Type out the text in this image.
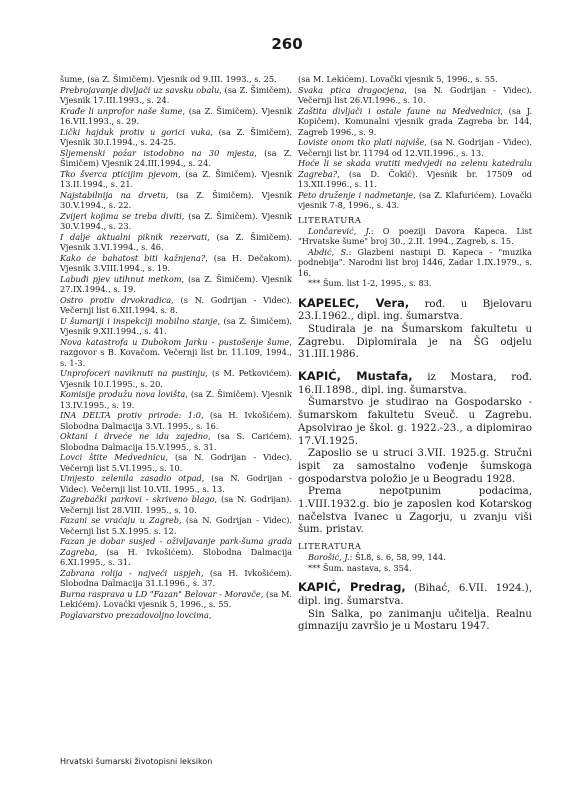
260

šume, (sa Z. Šimičem). Vjesnik od 9.III. 1993., s. 25.

Prebrojavanje divljači uz savsku obalu, (sa Z. Šimičem). Vjesnik 17.III.1993., s. 24.

Krađe li unprofor naše šume, (sa Z. Šimičem). Vjesnik 16.VII.1993., s. 29.

Lički hajduk protiv u gorici vuka, (sa Z. Šimičem). Vjesnik 30.I.1994., s. 24-25.

Sljemenski požar istodobno na 30 mjesta, (sa Z. Šimičem) Vjesnik 24.III.1994., s. 24.

Tko šverca pticijim pjevom, (sa Z. Šimičem). Vjesnik 13.II.1994., s. 21.

Najstabilnija na drvetu, (sa Z. Šimičem). Vjesnik 30.V.1994., s. 22.

Zvijeri kojima se treba diviti, (sa Z. Šimičem). Vjesnik 30.V.1994., s. 23.

I dalje aktualni piknik rezervati, (sa Z. Šimičem). Vjesnik 3.VI.1994., s. 46.

Kako će bahatost biti kažnjena?, (sa H. Dečakom). Vjesnik 3.VIII.1994., s. 19.

Labuđi pjev utihnut metkom, (sa Z. Šimičem). Vjesnik 27.IX.1994., s. 19.

Ostro protiv drvokradica, (s N. Godrijan - Videc). Večernji list 6.XII.1994. s. 8.

U šumariji i inspekciji mobilno stanje, (sa Z. Šimičem). Vjesnik 9.XII.1994., s. 41.

Nova katastrofa u Dubokom Jarku - pustošenje šume, razgovor s B. Kovačom. Večernji list br. 11.109, 1994., s. 1-3.

Unprofoceri naviknuti na pustinju, (s M. Petkovićem). Vjesnik 10.I.1995., s. 20.

Komisije produžu nova lovišta, (sa Z. Šimičem). Vjesnik 13.IV.1995., s. 19.

INA DELTA protiv prirode: 1:0, (sa H. Ivkošićem). Slobodna Dalmacija 3.VI. 1995., s. 16.

Oktani i drveće ne idu zajedno, (sa S. Carićem). Slobodna Dalmacija 15.V.1995., s. 31.

Lovci štite Medvednicu, (sa N. Godrijan - Videc). Večernji list 5.VI.1995., s. 10.

Umjesto zelenila zasadio otpad, (sa N. Godrijan - Videc). Večernji list 10.VII. 1995., s. 13.

Zagrebački parkovi - skriveno blago, (sa N. Godrijan). Večernji list 28.VIII. 1995., s. 10.

Fazani se vraćaju u Zagreb, (sa N. Godrijan - Videc). Večernji list 5.X.1995. s. 12.

Fazan je dobar susjed - oživljavanje park-šuma grada Zagreba, (sa H. Ivkošićem). Slobodna Dalmacija 6.XI.1995., s. 31.

Zabrana rolija - najveći uspjeh, (sa H. Ivkošićem). Slobodna Dalmacija 31.I.1996., s. 37.

Burna rasprava u LD "Fazan" Belovar - Moravče, (sa M. Lekićem). Lovački vjesnik 5, 1996., s. 55.

Poglavarstvo prezadovoljno lovcima,

(sa M. Lekićem). Lovački vjesnik 5, 1996., s. 55.

Svaka ptica dragocjena, (sa N. Godrijan - Videc). Večernji list 26.VI.1996., s. 10.

Zaštita divljači i ostale faune na Medvednici, (sa J. Kopičem). Komunalni vjesnik grada Zagreba br. 144, Zagreb 1996., s. 9.

Loviste onom tko plati najviše, (sa N. Godrijan - Videc). Večernji list br. 11794 od 12.VII.1996., s. 13.

Hoće li se skada vratiti medvjedi na zelenu katedralu Zagreba?, (sa D. Čokić). Vjesnik br. 17509 od 13.XII.1996., s. 11.

Peto druženje i nadmetanje, (sa Z. Klafurićem). Lovački vjesnik 7-8, 1996., s. 43.

LITERATURA

Lončarević, J.: O poeziji Davora Kapeca. List "Hrvatske šume" broj 30., 2.II. 1994., Zagreb, s. 15.

Abdić, S.: Glazbeni nastupi D. Kapeca - "muzika podnebija". Narodni list broj 1446, Zadar 1.IX.1979., s. 16.

*** Šum. list 1-2, 1995., s. 83.

KAPELEC, Vera, rođ. u Bjelovaru 23.I.1962., dipl. ing. šumarstva.

Studirala je na Šumarskom fakultetu u Zagrebu. Diplomirala je na ŠG odjelu 31.III.1986.

KAPIĆ, Mustafa, iz Mostara, rođ. 16.II.1898., dipl. ing. šumarstva.

Šumarstvo je studirao na Gospodarsko - šumarskom fakultetu Sveuč. u Zagrebu. Apsolvirao je škol. g. 1922.-23., a diplomirao 17.VI.1925.

Zaposlio se u struci 3.VII. 1925.g. Stručni ispit za samostalno vođenje šumskoga gospodarstva položio je u Beogradu 1928.

Prema nepotpunim podacima, 1.VIII.1932.g. bio je zaposlen kod Kotarskog načelstva Ivanec u Zagorju, u zvanju viši šum. pristav.

LITERATURA

Borošić, J.: ŠL8, s. 6, 58, 99, 144.

*** Šum. nastava, s. 354.

KAPIĆ, Predrag, (Bihać, 6.VII. 1924.), dipl. ing. šumarstva.

Sin Salka, po zanimanju učitelja. Realnu gimnaziju završio je u Mostaru 1947.

Hrvatski šumarski životopisni leksikon
